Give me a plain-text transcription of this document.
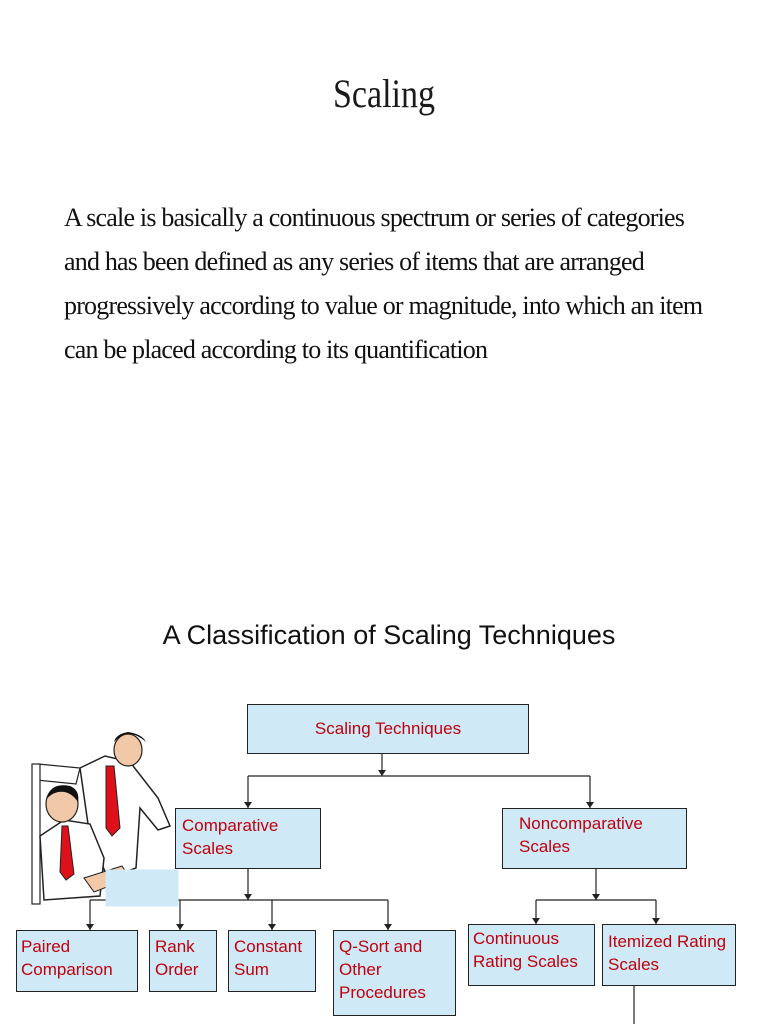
Scaling
A scale is basically a continuous spectrum or series of categories and has been defined as any series of items that are arranged progressively according to value or magnitude, into which an item can be placed according to its quantification
A Classification of Scaling Techniques
Scaling Techniques
Comparative Scales
Noncomparative Scales
Paired Comparison
Rank Order
Constant Sum
Q-Sort and Other Procedures
Continuous Rating Scales
Itemized Rating Scales
